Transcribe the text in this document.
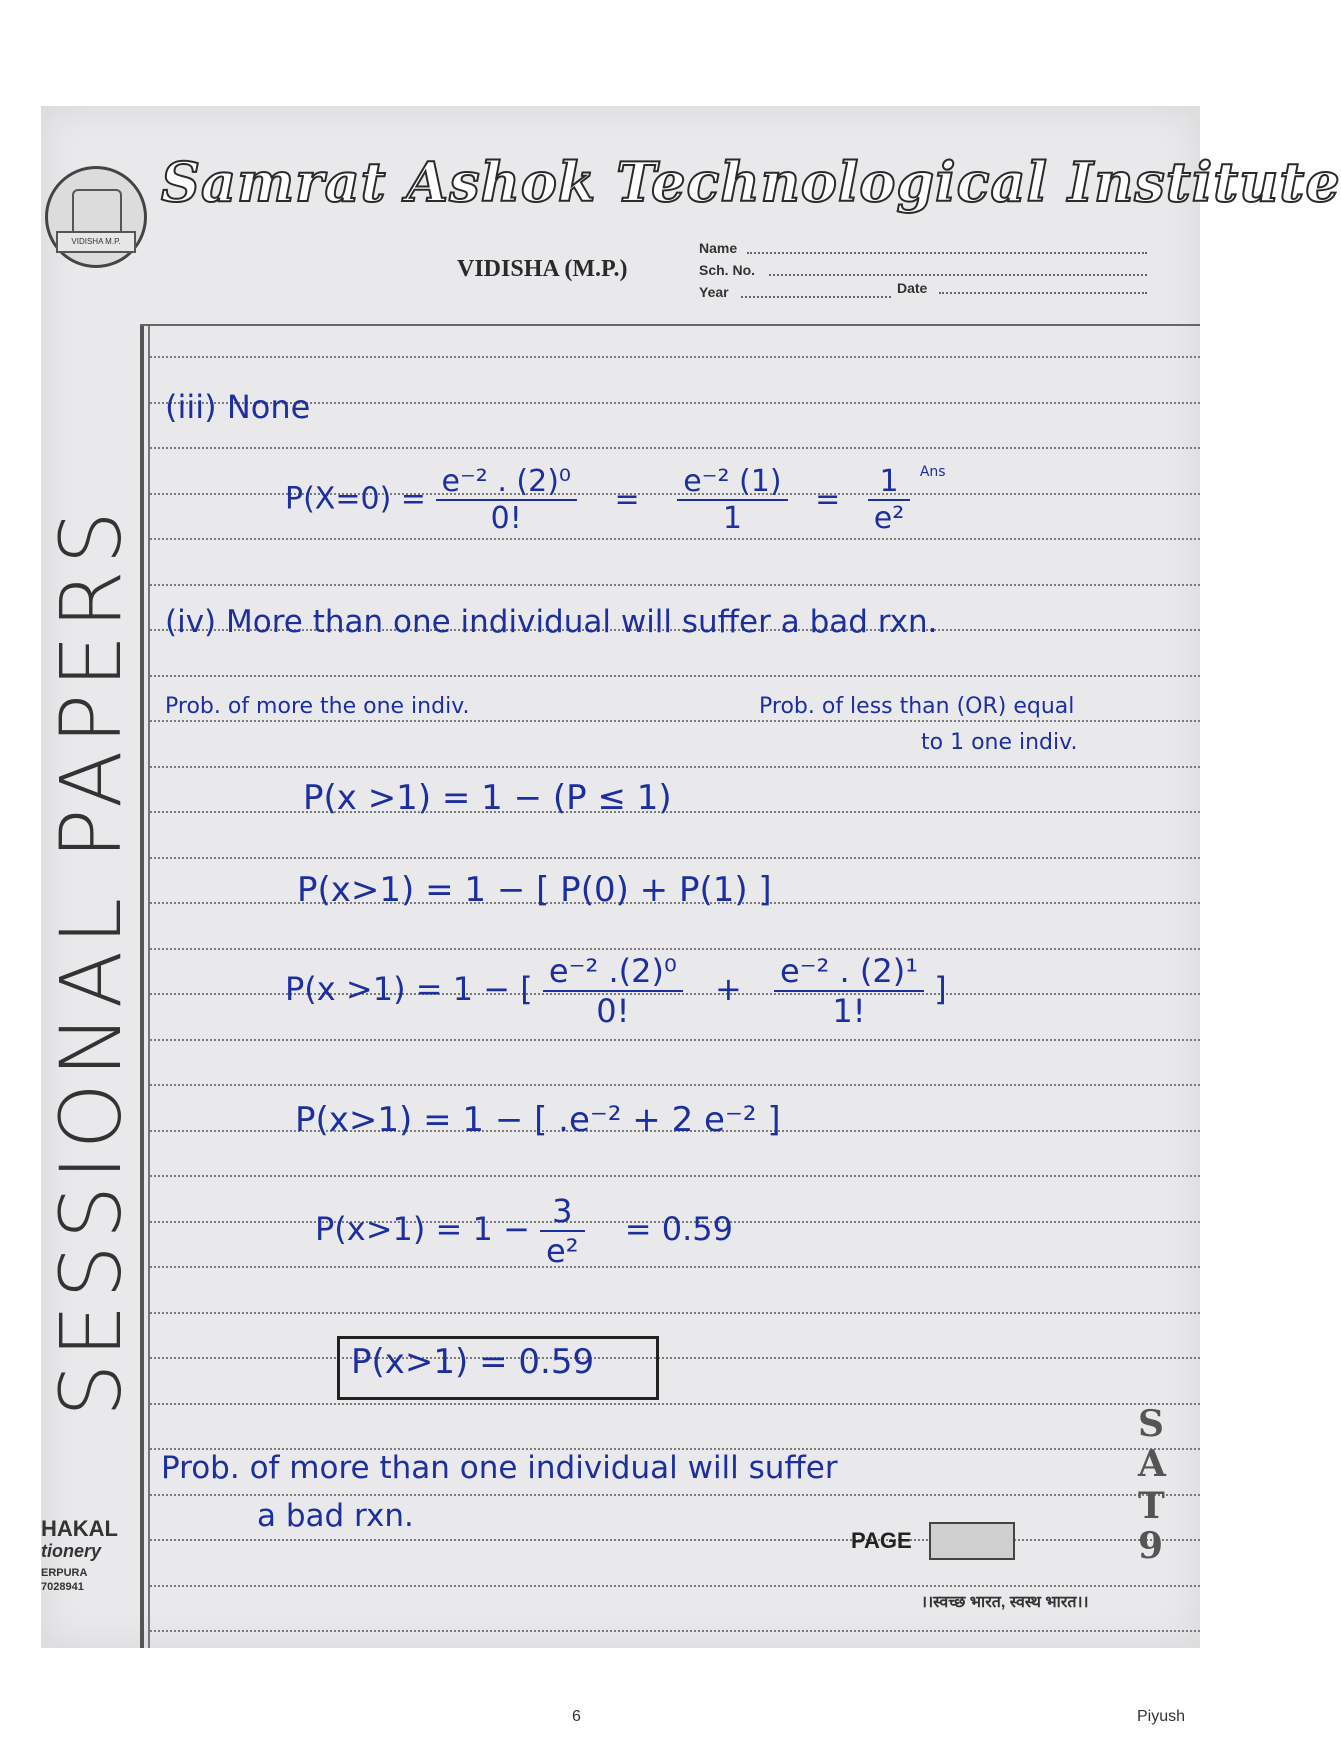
VIDISHA M.P.
Samrat Ashok Technological Institute
VIDISHA (M.P.)
Name
Sch. No.
Year	Date
SESSIONAL PAPERS
HAKAL
tionery
ERPURA
7028941
(iii) None
$P(X=0) = \frac{\text{e⁻² . (2)⁰}}{0!} = \frac{\text{e⁻² (1)}}{1} = \frac{1}{\text{e²}} ^{Ans}$
(iv) More than one individual will suffer a bad rxn.
Prob. of more the one indiv.	Prob. of less than (OR) equal
to 1 one indiv.
P(x >1) = 1 − (P ≤ 1)
P(x>1) = 1 − [ P(0) + P(1) ]
P(x >1) = 1 − [ $\frac{\text{e⁻² .(2)⁰}}{0!} + \frac{\text{e⁻² . (2)¹}}{1!}$ ]
P(x>1) = 1 − [ .e⁻² + 2 e⁻² ]
$P(x>1) = 1 - \frac{3}{\text{e²}} = 0.59$
P(x>1) = 0.59
Prob. of more than one individual will suffer
a bad rxn.
S
A
T
9
PAGE
।।स्वच्छ भारत, स्वस्थ भारत।।
6	Piyush
